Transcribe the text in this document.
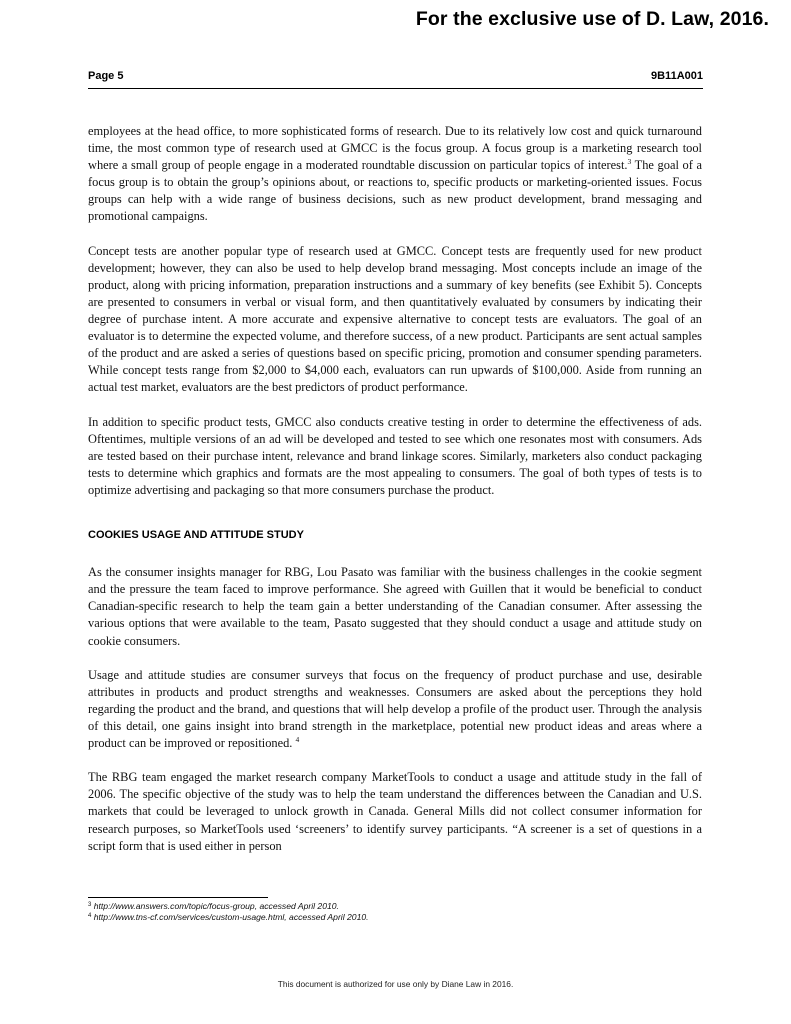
For the exclusive use of D. Law, 2016.
Page 5	9B11A001

employees at the head office, to more sophisticated forms of research. Due to its relatively low cost and quick turnaround time, the most common type of research used at GMCC is the focus group. A focus group is a marketing research tool where a small group of people engage in a moderated roundtable discussion on particular topics of interest.$^3$ The goal of a focus group is to obtain the group’s opinions about, or reactions to, specific products or marketing-oriented issues. Focus groups can help with a wide range of business decisions, such as new product development, brand messaging and promotional campaigns.

Concept tests are another popular type of research used at GMCC. Concept tests are frequently used for new product development; however, they can also be used to help develop brand messaging. Most concepts include an image of the product, along with pricing information, preparation instructions and a summary of key benefits (see Exhibit 5). Concepts are presented to consumers in verbal or visual form, and then quantitatively evaluated by consumers by indicating their degree of purchase intent. A more accurate and expensive alternative to concept tests are evaluators. The goal of an evaluator is to determine the expected volume, and therefore success, of a new product. Participants are sent actual samples of the product and are asked a series of questions based on specific pricing, promotion and consumer spending parameters. While concept tests range from $2,000 to $4,000 each, evaluators can run upwards of $100,000. Aside from running an actual test market, evaluators are the best predictors of product performance.

In addition to specific product tests, GMCC also conducts creative testing in order to determine the effectiveness of ads. Oftentimes, multiple versions of an ad will be developed and tested to see which one resonates most with consumers. Ads are tested based on their purchase intent, relevance and brand linkage scores. Similarly, marketers also conduct packaging tests to determine which graphics and formats are the most appealing to consumers. The goal of both types of tests is to optimize advertising and packaging so that more consumers purchase the product.

COOKIES USAGE AND ATTITUDE STUDY

As the consumer insights manager for RBG, Lou Pasato was familiar with the business challenges in the cookie segment and the pressure the team faced to improve performance. She agreed with Guillen that it would be beneficial to conduct Canadian-specific research to help the team gain a better understanding of the Canadian consumer. After assessing the various options that were available to the team, Pasato suggested that they should conduct a usage and attitude study on cookie consumers.

Usage and attitude studies are consumer surveys that focus on the frequency of product purchase and use, desirable attributes in products and product strengths and weaknesses. Consumers are asked about the perceptions they hold regarding the product and the brand, and questions that will help develop a profile of the product user. Through the analysis of this detail, one gains insight into brand strength in the marketplace, potential new product ideas and areas where a product can be improved or repositioned. $^4$

The RBG team engaged the market research company MarketTools to conduct a usage and attitude study in the fall of 2006. The specific objective of the study was to help the team understand the differences between the Canadian and U.S. markets that could be leveraged to unlock growth in Canada. General Mills did not collect consumer information for research purposes, so MarketTools used ‘screeners’ to identify survey participants. “A screener is a set of questions in a script form that is used either in person

$^3$ http://www.answers.com/topic/focus-group, accessed April 2010.
$^4$ http://www.tns-cf.com/services/custom-usage.html, accessed April 2010.
This document is authorized for use only by Diane Law in 2016.
